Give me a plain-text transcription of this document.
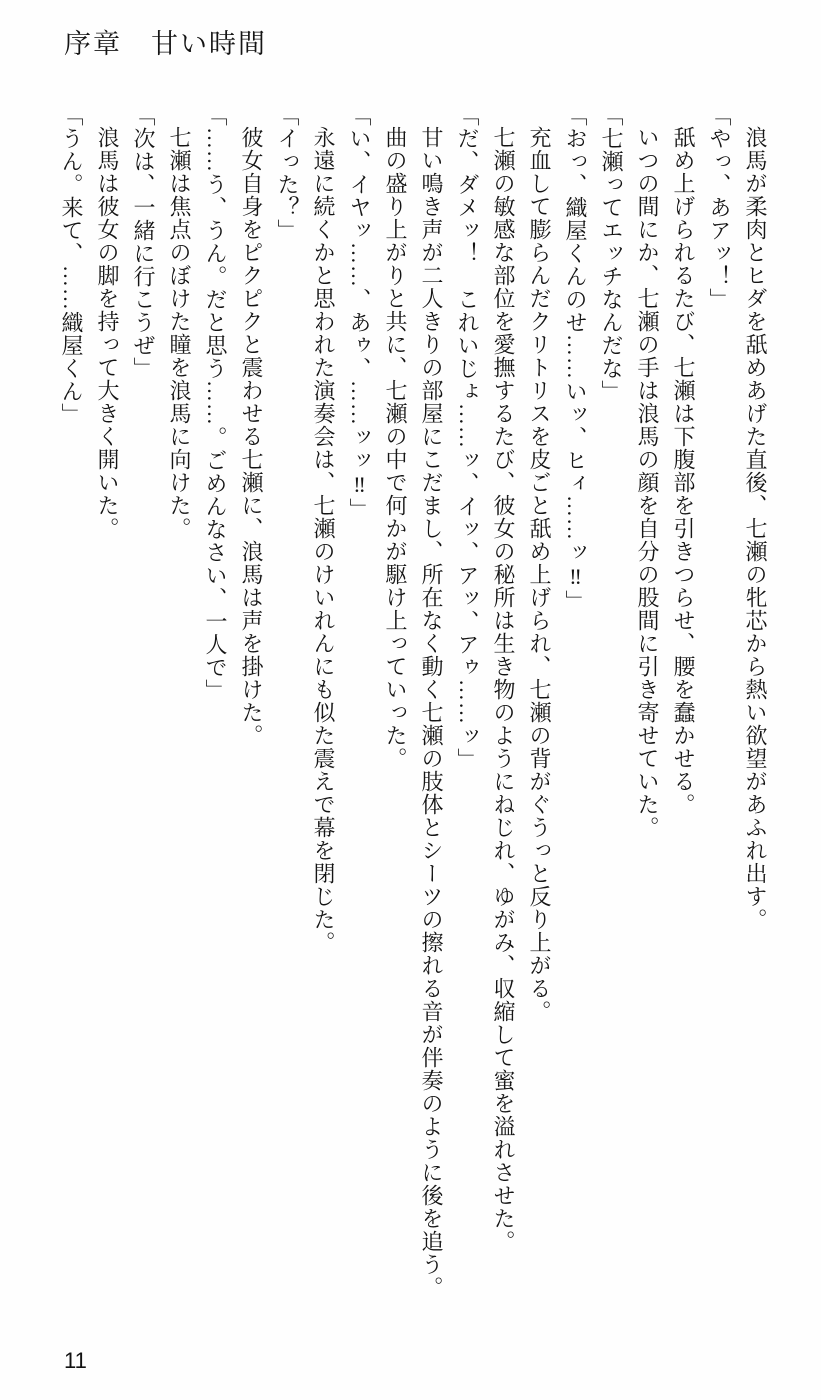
序章　甘い時間

浪馬が柔肉とヒダを舐めあげた直後、七瀬の牝芯から熱い欲望があふれ出す。

「やっ、あアッ！」

舐め上げられるたび、七瀬は下腹部を引きつらせ、腰を蠢かせる。

いつの間にか、七瀬の手は浪馬の顔を自分の股間に引き寄せていた。

「七瀬ってエッチなんだな」

「おっ、織屋くんのせ……いッ、ヒィ……ッ‼」

充血して膨らんだクリトリスを皮ごと舐め上げられ、七瀬の背がぐうっと反り上がる。

七瀬の敏感な部位を愛撫するたび、彼女の秘所は生き物のようにねじれ、ゆがみ、収縮して蜜を溢れさせた。

「だ、ダメッ！　これいじょ……ッ、イッ、アッ、アゥ……ッ」

甘い鳴き声が二人きりの部屋にこだまし、所在なく動く七瀬の肢体とシーツの擦れる音が伴奏のように後を追う。

曲の盛り上がりと共に、七瀬の中で何かが駆け上っていった。

「い、イヤッ……、あゥ、……ッッ‼」

永遠に続くかと思われた演奏会は、七瀬のけいれんにも似た震えで幕を閉じた。

「イった？」

彼女自身をピクピクと震わせる七瀬に、浪馬は声を掛けた。

「……う、うん。だと思う……。ごめんなさい、一人で」

七瀬は焦点のぼけた瞳を浪馬に向けた。

「次は、一緒に行こうぜ」

浪馬は彼女の脚を持って大きく開いた。

「うん。来て、……織屋くん」

11
